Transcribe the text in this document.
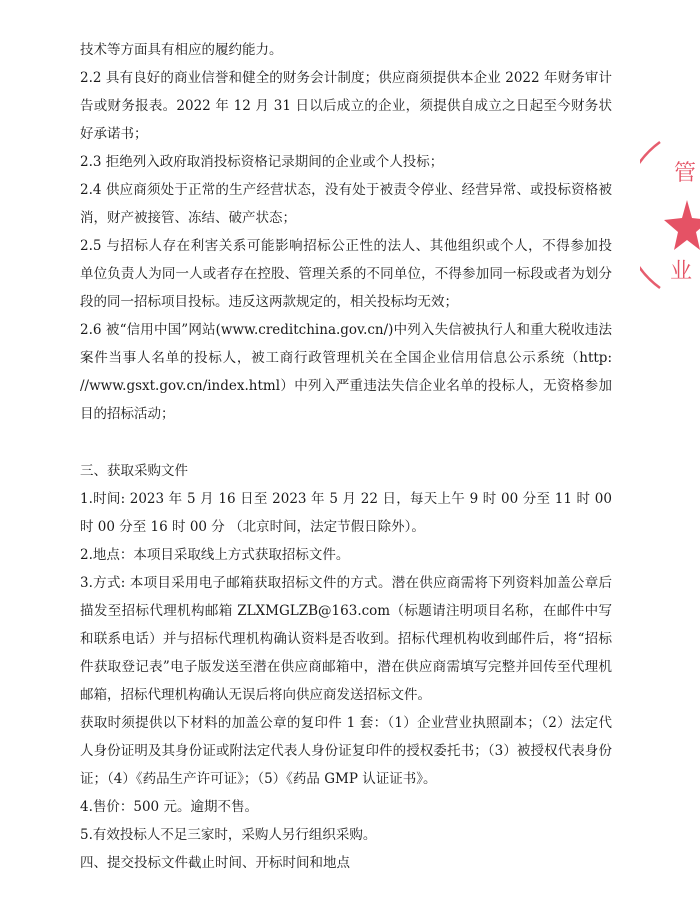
技术等方面具有相应的履约能力。
2.2 具有良好的商业信誉和健全的财务会计制度；供应商须提供本企业 2022 年财务审计
告或财务报表。2022 年 12 月 31 日以后成立的企业，须提供自成立之日起至今财务状
好承诺书；
2.3 拒绝列入政府取消投标资格记录期间的企业或个人投标；
2.4 供应商须处于正常的生产经营状态，没有处于被责令停业、经营异常、或投标资格被
消，财产被接管、冻结、破产状态；
2.5 与招标人存在利害关系可能影响招标公正性的法人、其他组织或个人，不得参加投
单位负责人为同一人或者存在控股、管理关系的不同单位，不得参加同一标段或者为划分
段的同一招标项目投标。违反这两款规定的，相关投标均无效；
2.6 被“信用中国”网站(www.creditchina.gov.cn/)中列入失信被执行人和重大税收违法
案件当事人名单的投标人，被工商行政管理机关在全国企业信用信息公示系统（http:
//www.gsxt.gov.cn/index.html）中列入严重违法失信企业名单的投标人，无资格参加
目的招标活动；
三、获取采购文件
1.时间: 2023 年 5 月 16 日至 2023 年 5 月 22 日，每天上午 9 时 00 分至 11 时 00
时 00 分至 16 时 00 分 （北京时间，法定节假日除外）。
2.地点：本项目采取线上方式获取招标文件。
3.方式: 本项目采用电子邮箱获取招标文件的方式。潜在供应商需将下列资料加盖公章后
描发至招标代理机构邮箱 ZLXMGLZB@163.com（标题请注明项目名称，在邮件中写
和联系电话）并与招标代理机构确认资料是否收到。招标代理机构收到邮件后，将“招标
件获取登记表”电子版发送至潜在供应商邮箱中，潜在供应商需填写完整并回传至代理机
邮箱，招标代理机构确认无误后将向供应商发送招标文件。
获取时须提供以下材料的加盖公章的复印件 1 套：（1）企业营业执照副本；（2）法定代
人身份证明及其身份证或附法定代表人身份证复印件的授权委托书；（3）被授权代表身份
证；（4）《药品生产许可证》；（5）《药品 GMP 认证证书》。
4.售价：500 元。逾期不售。
5.有效投标人不足三家时，采购人另行组织采购。
四、提交投标文件截止时间、开标时间和地点
管
业
